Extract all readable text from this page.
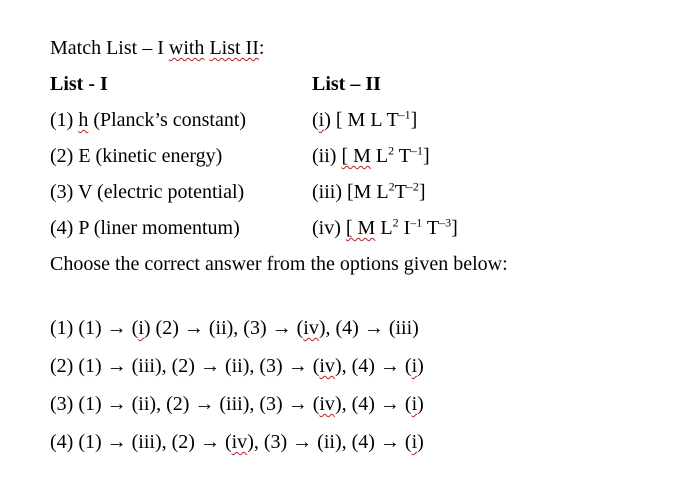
Match List – I with List II:
List - I	List – II
(1) h (Planck’s constant)
(2) E (kinetic energy)
(3) V (electric potential)
(4) P (liner momentum)
(i) [ M L $T^{-1}$]
(ii) [ M $L^2$ $T^{-1}$]
(iii) [M $L^2T^{-2}$]
(iv) [ M $L^2$ $I^{-1}$ $T^{-3}$]
Choose the correct answer from the options given below:
(1) (1) → (i) (2) → (ii), (3) → (iv), (4) → (iii)
(2) (1) → (iii), (2) → (ii), (3) → (iv), (4) → (i)
(3) (1) → (ii), (2) → (iii), (3) → (iv), (4) → (i)
(4) (1) → (iii), (2) → (iv), (3) → (ii), (4) → (i)
